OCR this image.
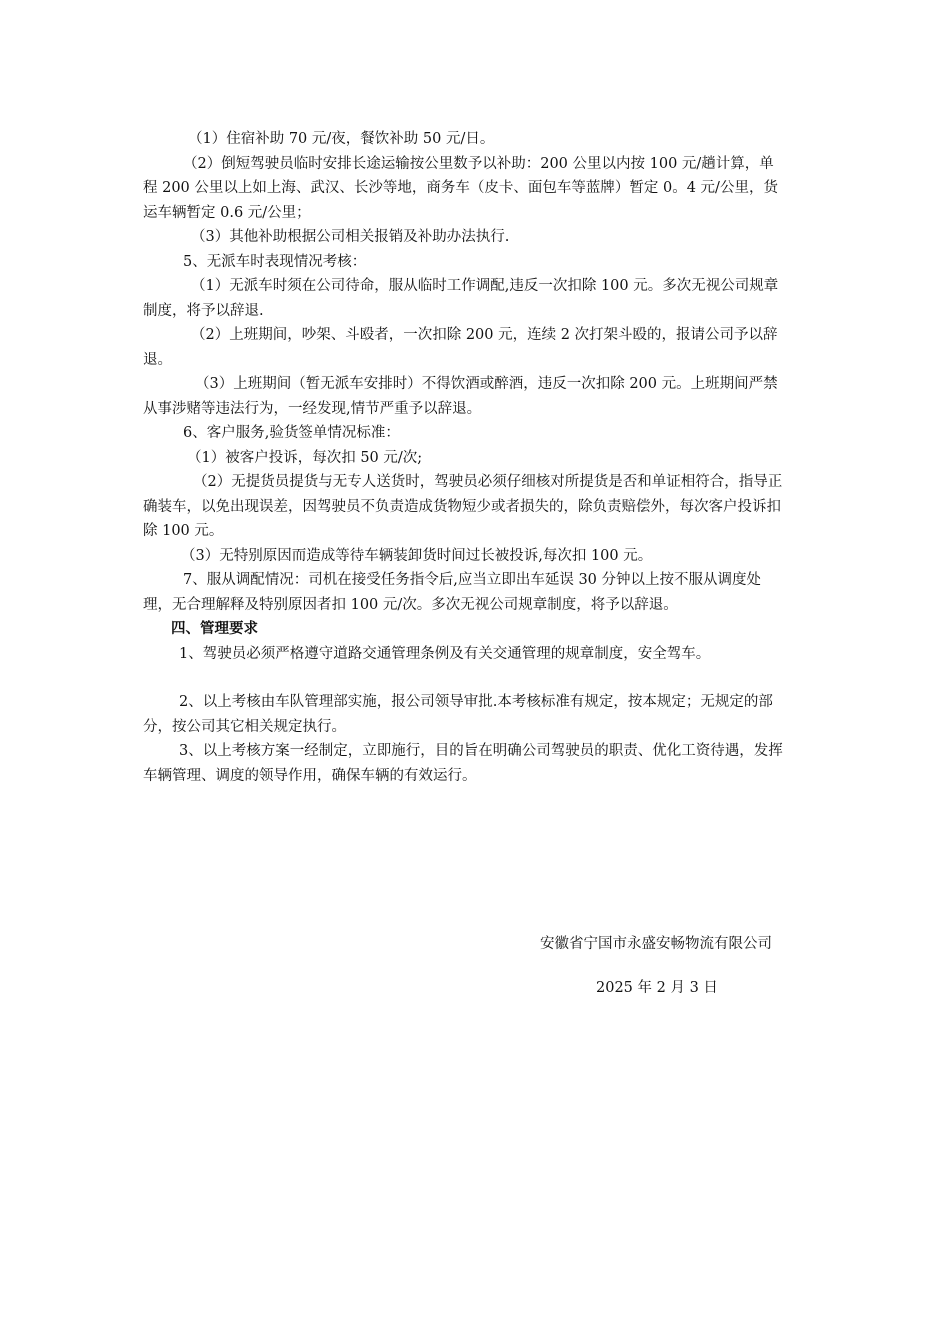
（1）住宿补助 70 元/夜，餐饮补助 50 元/日。

（2）倒短驾驶员临时安排长途运输按公里数予以补助：200 公里以内按 100 元/趟计算，单程 200 公里以上如上海、武汉、长沙等地，商务车（皮卡、面包车等蓝牌）暂定 0。4 元/公里，货运车辆暂定 0.6 元/公里；

（3）其他补助根据公司相关报销及补助办法执行.

5、无派车时表现情况考核：

（1）无派车时须在公司待命，服从临时工作调配,违反一次扣除 100 元。多次无视公司规章制度，将予以辞退.

（2）上班期间，吵架、斗殴者，一次扣除 200 元，连续 2 次打架斗殴的，报请公司予以辞退。

（3）上班期间（暂无派车安排时）不得饮酒或醉酒，违反一次扣除 200 元。上班期间严禁从事涉赌等违法行为，一经发现,情节严重予以辞退。

6、客户服务,验货签单情况标准：

（1）被客户投诉，每次扣 50 元/次;

（2）无提货员提货与无专人送货时，驾驶员必须仔细核对所提货是否和单证相符合，指导正确装车，以免出现误差，因驾驶员不负责造成货物短少或者损失的，除负责赔偿外，每次客户投诉扣除 100 元。

（3）无特别原因而造成等待车辆装卸货时间过长被投诉,每次扣 100 元。

7、服从调配情况：司机在接受任务指令后,应当立即出车延误 30 分钟以上按不服从调度处理，无合理解释及特别原因者扣 100 元/次。多次无视公司规章制度，将予以辞退。

四、管理要求

1、驾驶员必须严格遵守道路交通管理条例及有关交通管理的规章制度，安全驾车。

2、以上考核由车队管理部实施，报公司领导审批.本考核标准有规定，按本规定；无规定的部分，按公司其它相关规定执行。

3、以上考核方案一经制定，立即施行，目的旨在明确公司驾驶员的职责、优化工资待遇，发挥车辆管理、调度的领导作用，确保车辆的有效运行。

安徽省宁国市永盛安畅物流有限公司
2025 年 2 月 3 日
